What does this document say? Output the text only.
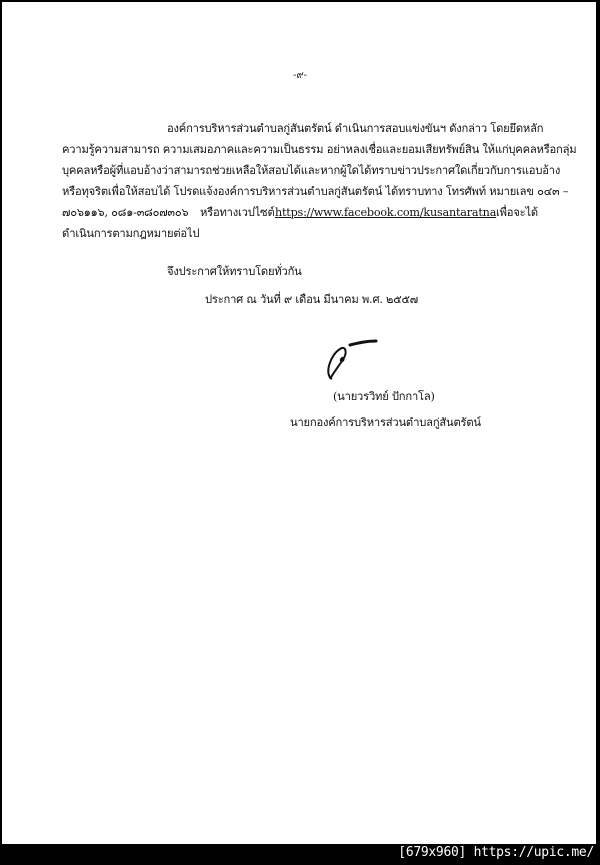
-๙-
องค์การบริหารส่วนตำบลกู่สันตรัตน์ ดำเนินการสอบแข่งขันฯ ดังกล่าว โดยยึดหลัก
ความรู้ความสามารถ ความเสมอภาคและความเป็นธรรม อย่าหลงเชื่อและยอมเสียทรัพย์สิน ให้แก่บุคคลหรือกลุ่ม
บุคคลหรือผู้ที่แอบอ้างว่าสามารถช่วยเหลือให้สอบได้และหากผู้ใดได้ทราบข่าวประกาศใดเกี่ยวกับการแอบอ้าง
หรือทุจริตเพื่อให้สอบได้ โปรดแจ้งองค์การบริหารส่วนตำบลกู่สันตรัตน์ ได้ทราบทาง โทรศัพท์ หมายเลข ๐๔๓ –
๗๐๖๑๑๖, ๐๘๑-๓๘๐๗๓๐๖ หรือทางเวปไซต์ https://www.facebook.com/kusantaratna เพื่อจะได้
ดำเนินการตามกฎหมายต่อไป
จึงประกาศให้ทราบโดยทั่วกัน
ประกาศ ณ วันที่ ๙ เดือน มีนาคม พ.ศ. ๒๕๕๗
(นายวรวิทย์ ปักกาโล)
นายกองค์การบริหารส่วนตำบลกู่สันตรัตน์
[679x960] https://upic.me/
